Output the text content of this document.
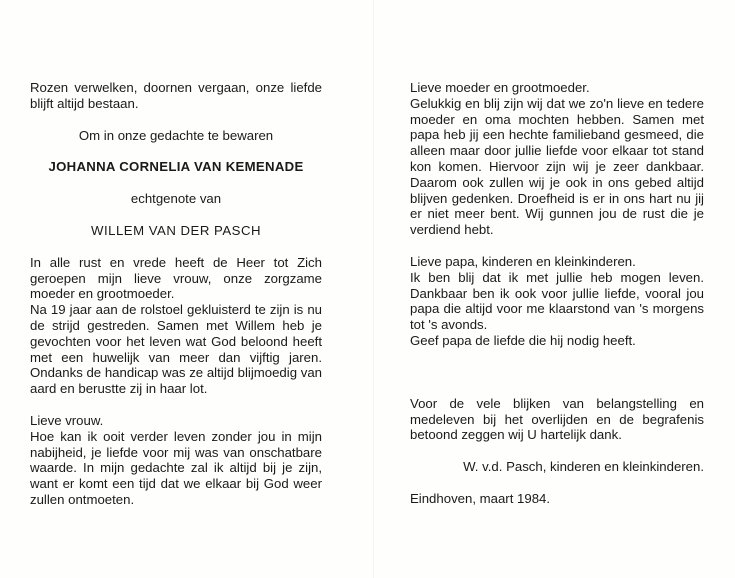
Rozen verwelken, doornen vergaan, onze liefde blijft altijd bestaan.

Om in onze gedachte te bewaren

JOHANNA CORNELIA VAN KEMENADE

echtgenote van

WILLEM VAN DER PASCH

In alle rust en vrede heeft de Heer tot Zich geroepen mijn lieve vrouw, onze zorgzame moeder en grootmoeder.

Na 19 jaar aan de rolstoel gekluisterd te zijn is nu de strijd gestreden. Samen met Willem heb je gevochten voor het leven wat God beloond heeft met een huwelijk van meer dan vijftig jaren. Ondanks de handicap was ze altijd blijmoedig van aard en berustte zij in haar lot.

Lieve vrouw.

Hoe kan ik ooit verder leven zonder jou in mijn nabijheid, je liefde voor mij was van onschatbare waarde. In mijn gedachte zal ik altijd bij je zijn, want er komt een tijd dat we elkaar bij God weer zullen ontmoeten.

Lieve moeder en grootmoeder.

Gelukkig en blij zijn wij dat we zo'n lieve en tedere moeder en oma mochten hebben. Samen met papa heb jij een hechte familieband gesmeed, die alleen maar door jullie liefde voor elkaar tot stand kon komen. Hiervoor zijn wij je zeer dankbaar. Daarom ook zullen wij je ook in ons gebed altijd blijven gedenken. Droefheid is er in ons hart nu jij er niet meer bent. Wij gunnen jou de rust die je verdiend hebt.

Lieve papa, kinderen en kleinkinderen.

Ik ben blij dat ik met jullie heb mogen leven. Dankbaar ben ik ook voor jullie liefde, vooral jou papa die altijd voor me klaarstond van 's morgens tot 's avonds.

Geef papa de liefde die hij nodig heeft.

Voor de vele blijken van belangstelling en medeleven bij het overlijden en de begrafenis betoond zeggen wij U hartelijk dank.

W. v.d. Pasch, kinderen en kleinkinderen.

Eindhoven, maart 1984.
